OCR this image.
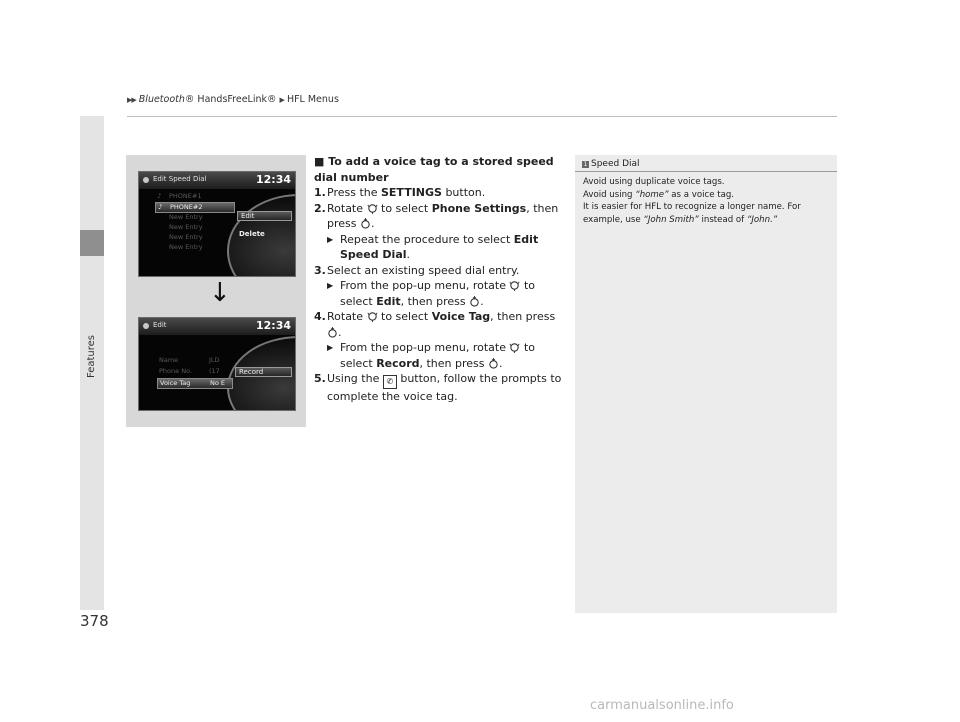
▶▶ Bluetooth® HandsFreeLink® ▶ HFL Menus
Features
378
Edit Speed Dial	12:34
♪ PHONE#1
♪ PHONE#2
New Entry
New Entry
New Entry
New Entry
Edit
Delete
Edit	12:34
Name	JLD
Phone No.	(17
Voice Tag	No E
Record
↓
■ To add a voice tag to a stored speed dial number
1. Press the SETTINGS button.
2. Rotate  to select Phone Settings, then press .
▶ Repeat the procedure to select Edit Speed Dial.
3. Select an existing speed dial entry.
▶ From the pop-up menu, rotate  to select Edit, then press .
4. Rotate  to select Voice Tag, then press .
▶ From the pop-up menu, rotate  to select Record, then press .
5. Using the ✆ button, follow the prompts to complete the voice tag.
1 Speed Dial
Avoid using duplicate voice tags.
Avoid using “home” as a voice tag.
It is easier for HFL to recognize a longer name. For
example, use “John Smith” instead of “John.”
carmanualsonline.info
